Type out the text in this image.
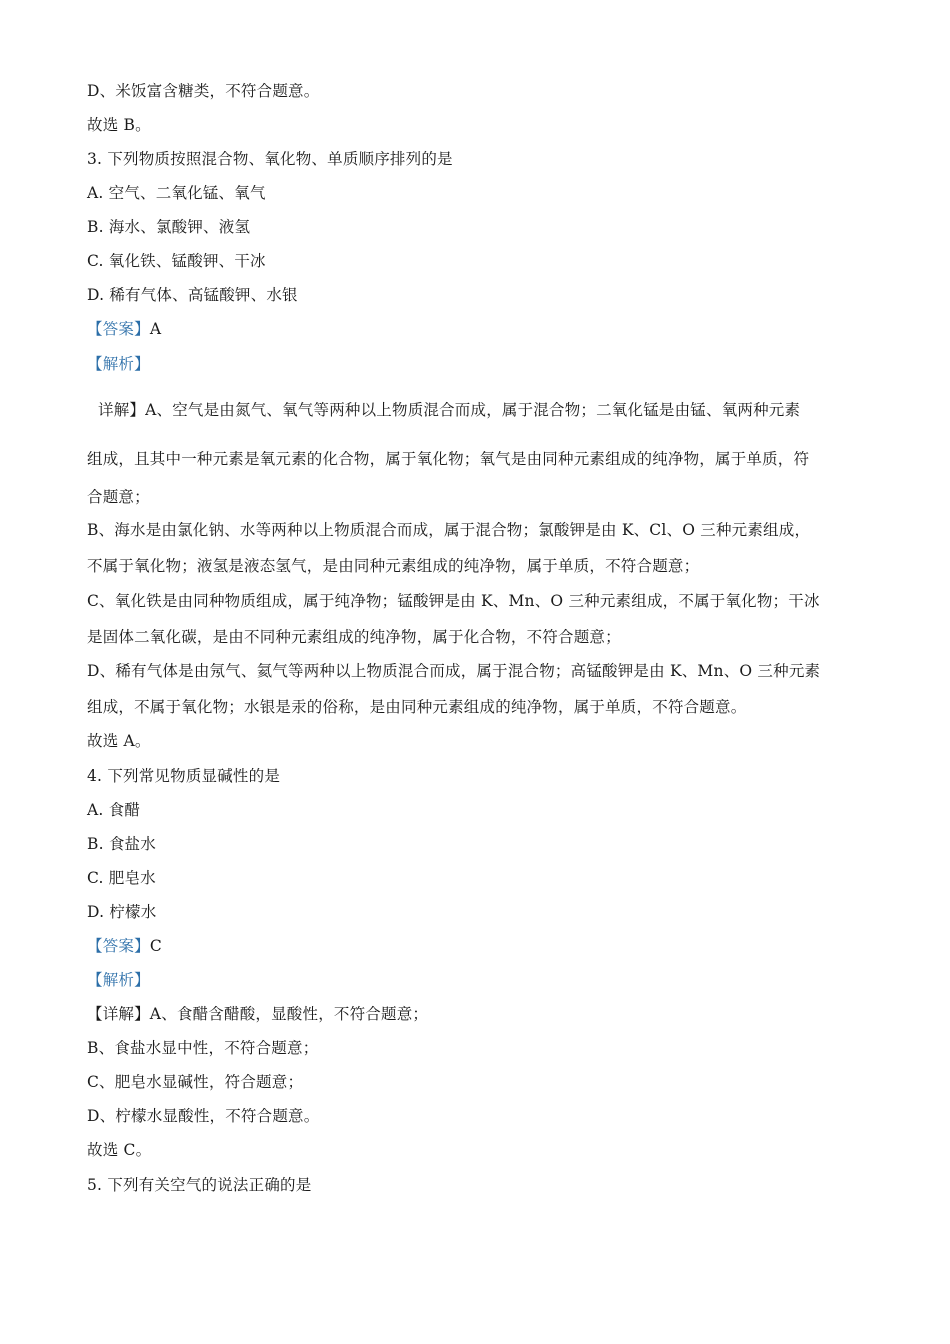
D、米饭富含糖类，不符合题意。
故选 B。
3. 下列物质按照混合物、氧化物、单质顺序排列的是
A. 空气、二氧化锰、氧气
B. 海水、氯酸钾、液氢
C. 氧化铁、锰酸钾、干冰
D. 稀有气体、高锰酸钾、水银
【答案】A
【解析】
详解】A、空气是由氮气、氧气等两种以上物质混合而成，属于混合物；二氧化锰是由锰、氧两种元素
组成，且其中一种元素是氧元素的化合物，属于氧化物；氧气是由同种元素组成的纯净物，属于单质，符
合题意；
B、海水是由氯化钠、水等两种以上物质混合而成，属于混合物；氯酸钾是由 K、Cl、O 三种元素组成，
不属于氧化物；液氢是液态氢气，是由同种元素组成的纯净物，属于单质，不符合题意；
C、氧化铁是由同种物质组成，属于纯净物；锰酸钾是由 K、Mn、O 三种元素组成，不属于氧化物；干冰
是固体二氧化碳，是由不同种元素组成的纯净物，属于化合物，不符合题意；
D、稀有气体是由氖气、氦气等两种以上物质混合而成，属于混合物；高锰酸钾是由 K、Mn、O 三种元素
组成，不属于氧化物；水银是汞的俗称，是由同种元素组成的纯净物，属于单质，不符合题意。
故选 A。
4. 下列常见物质显碱性的是
A. 食醋
B. 食盐水
C. 肥皂水
D. 柠檬水
【答案】C
【解析】
【详解】A、食醋含醋酸，显酸性，不符合题意；
B、食盐水显中性，不符合题意；
C、肥皂水显碱性，符合题意；
D、柠檬水显酸性，不符合题意。
故选 C。
5. 下列有关空气的说法正确的是
